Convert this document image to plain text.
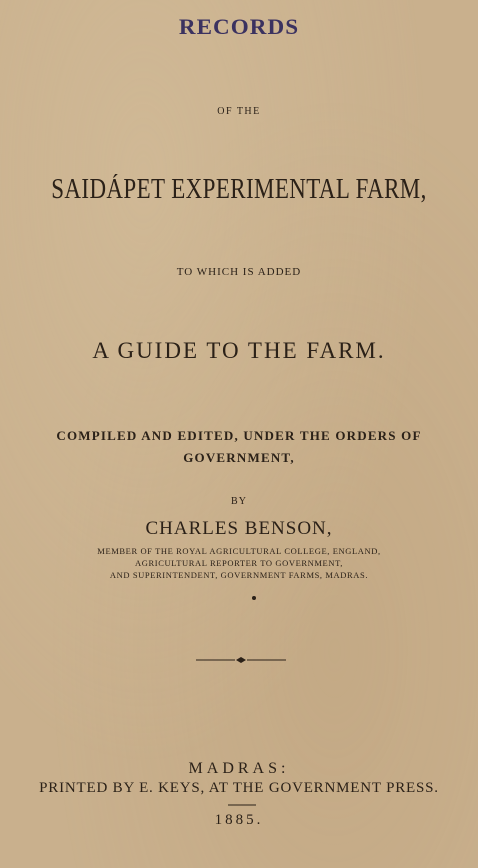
RECORDS
OF THE
SAIDÁPET EXPERIMENTAL FARM,
TO WHICH IS ADDED
A GUIDE TO THE FARM.
COMPILED AND EDITED, UNDER THE ORDERS OF
GOVERNMENT,
BY
CHARLES BENSON,
MEMBER OF THE ROYAL AGRICULTURAL COLLEGE, ENGLAND,
AGRICULTURAL REPORTER TO GOVERNMENT,
AND SUPERINTENDENT, GOVERNMENT FARMS, MADRAS.
MADRAS:
PRINTED BY E. KEYS, AT THE GOVERNMENT PRESS.
1885.
